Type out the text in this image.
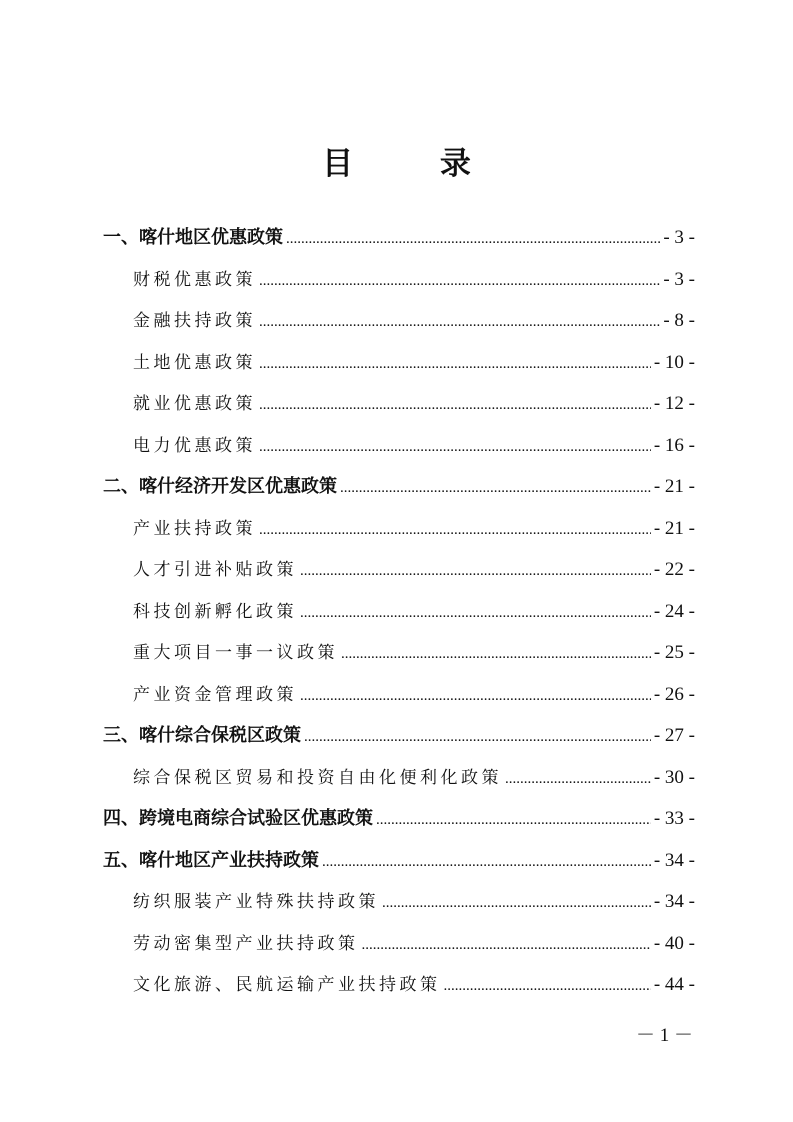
目 录
一、喀什地区优惠政策 .....	- 3 -
财税优惠政策 .....	- 3 -
金融扶持政策 .....	- 8 -
土地优惠政策 .....	- 10 -
就业优惠政策 .....	- 12 -
电力优惠政策 .....	- 16 -
二、喀什经济开发区优惠政策 .....	- 21 -
产业扶持政策 .....	- 21 -
人才引进补贴政策 .....	- 22 -
科技创新孵化政策 .....	- 24 -
重大项目一事一议政策 .....	- 25 -
产业资金管理政策 .....	- 26 -
三、喀什综合保税区政策 .....	- 27 -
综合保税区贸易和投资自由化便利化政策 .....	- 30 -
四、跨境电商综合试验区优惠政策 .....	- 33 -
五、喀什地区产业扶持政策 .....	- 34 -
纺织服装产业特殊扶持政策 .....	- 34 -
劳动密集型产业扶持政策 .....	- 40 -
文化旅游、民航运输产业扶持政策 .....	- 44 -
－ 1 －
